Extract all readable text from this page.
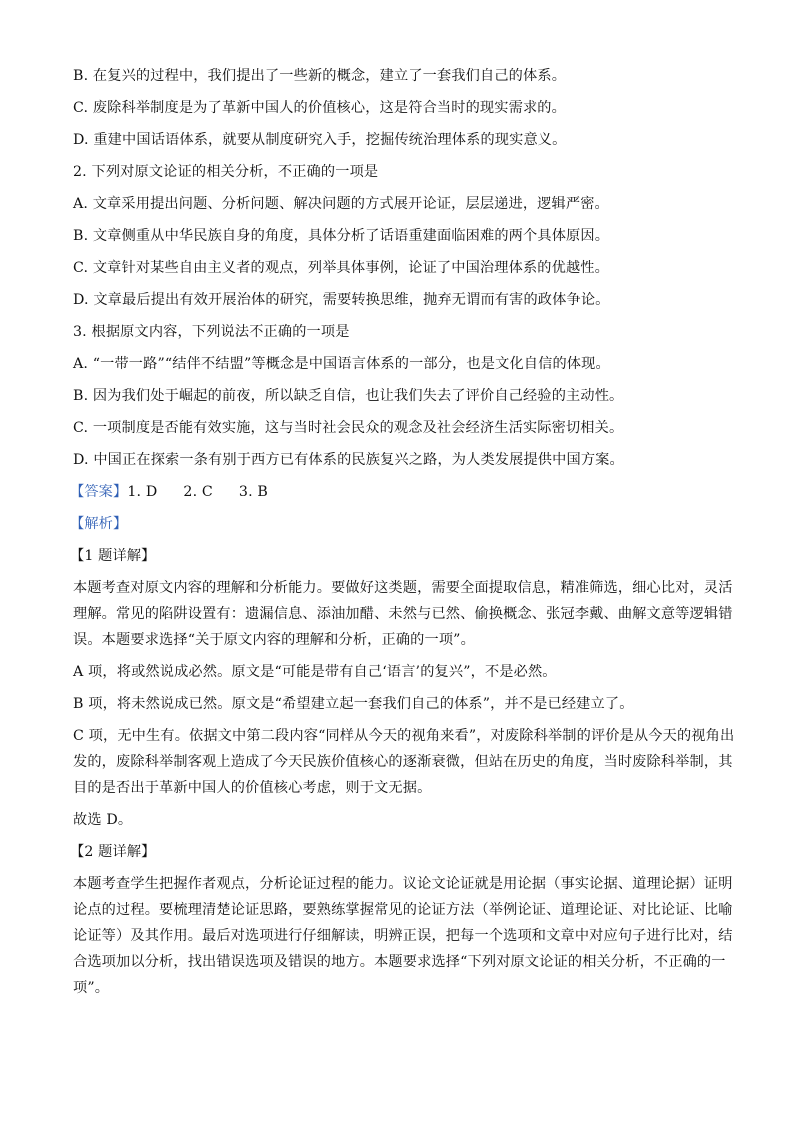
B. 在复兴的过程中，我们提出了一些新的概念，建立了一套我们自己的体系。
C. 废除科举制度是为了革新中国人的价值核心，这是符合当时的现实需求的。
D. 重建中国话语体系，就要从制度研究入手，挖掘传统治理体系的现实意义。
2. 下列对原文论证的相关分析，不正确的一项是
A. 文章采用提出问题、分析问题、解决问题的方式展开论证，层层递进，逻辑严密。
B. 文章侧重从中华民族自身的角度，具体分析了话语重建面临困难的两个具体原因。
C. 文章针对某些自由主义者的观点，列举具体事例，论证了中国治理体系的优越性。
D. 文章最后提出有效开展治体的研究，需要转换思维，抛弃无谓而有害的政体争论。
3. 根据原文内容，下列说法不正确的一项是
A. “一带一路”“结伴不结盟”等概念是中国语言体系的一部分，也是文化自信的体现。
B. 因为我们处于崛起的前夜，所以缺乏自信，也让我们失去了评价自己经验的主动性。
C. 一项制度是否能有效实施，这与当时社会民众的观念及社会经济生活实际密切相关。
D. 中国正在探索一条有别于西方已有体系的民族复兴之路，为人类发展提供中国方案。
【答案】1. D 2. C 3. B
【解析】
【1 题详解】
本题考查对原文内容的理解和分析能力。要做好这类题，需要全面提取信息，精准筛选，细心比对，灵活
理解。常见的陷阱设置有：遗漏信息、添油加醋、未然与已然、偷换概念、张冠李戴、曲解文意等逻辑错
误。本题要求选择“关于原文内容的理解和分析，正确的一项”。
A 项，将或然说成必然。原文是“可能是带有自己‘语言’的复兴”，不是必然。
B 项，将未然说成已然。原文是“希望建立起一套我们自己的体系”，并不是已经建立了。
C 项，无中生有。依据文中第二段内容“同样从今天的视角来看”，对废除科举制的评价是从今天的视角出
发的，废除科举制客观上造成了今天民族价值核心的逐渐衰微，但站在历史的角度，当时废除科举制，其
目的是否出于革新中国人的价值核心考虑，则于文无据。
故选 D。
【2 题详解】
本题考查学生把握作者观点，分析论证过程的能力。议论文论证就是用论据（事实论据、道理论据）证明
论点的过程。要梳理清楚论证思路，要熟练掌握常见的论证方法（举例论证、道理论证、对比论证、比喻
论证等）及其作用。最后对选项进行仔细解读，明辨正误，把每一个选项和文章中对应句子进行比对，结
合选项加以分析，找出错误选项及错误的地方。本题要求选择“下列对原文论证的相关分析，不正确的一
项”。
